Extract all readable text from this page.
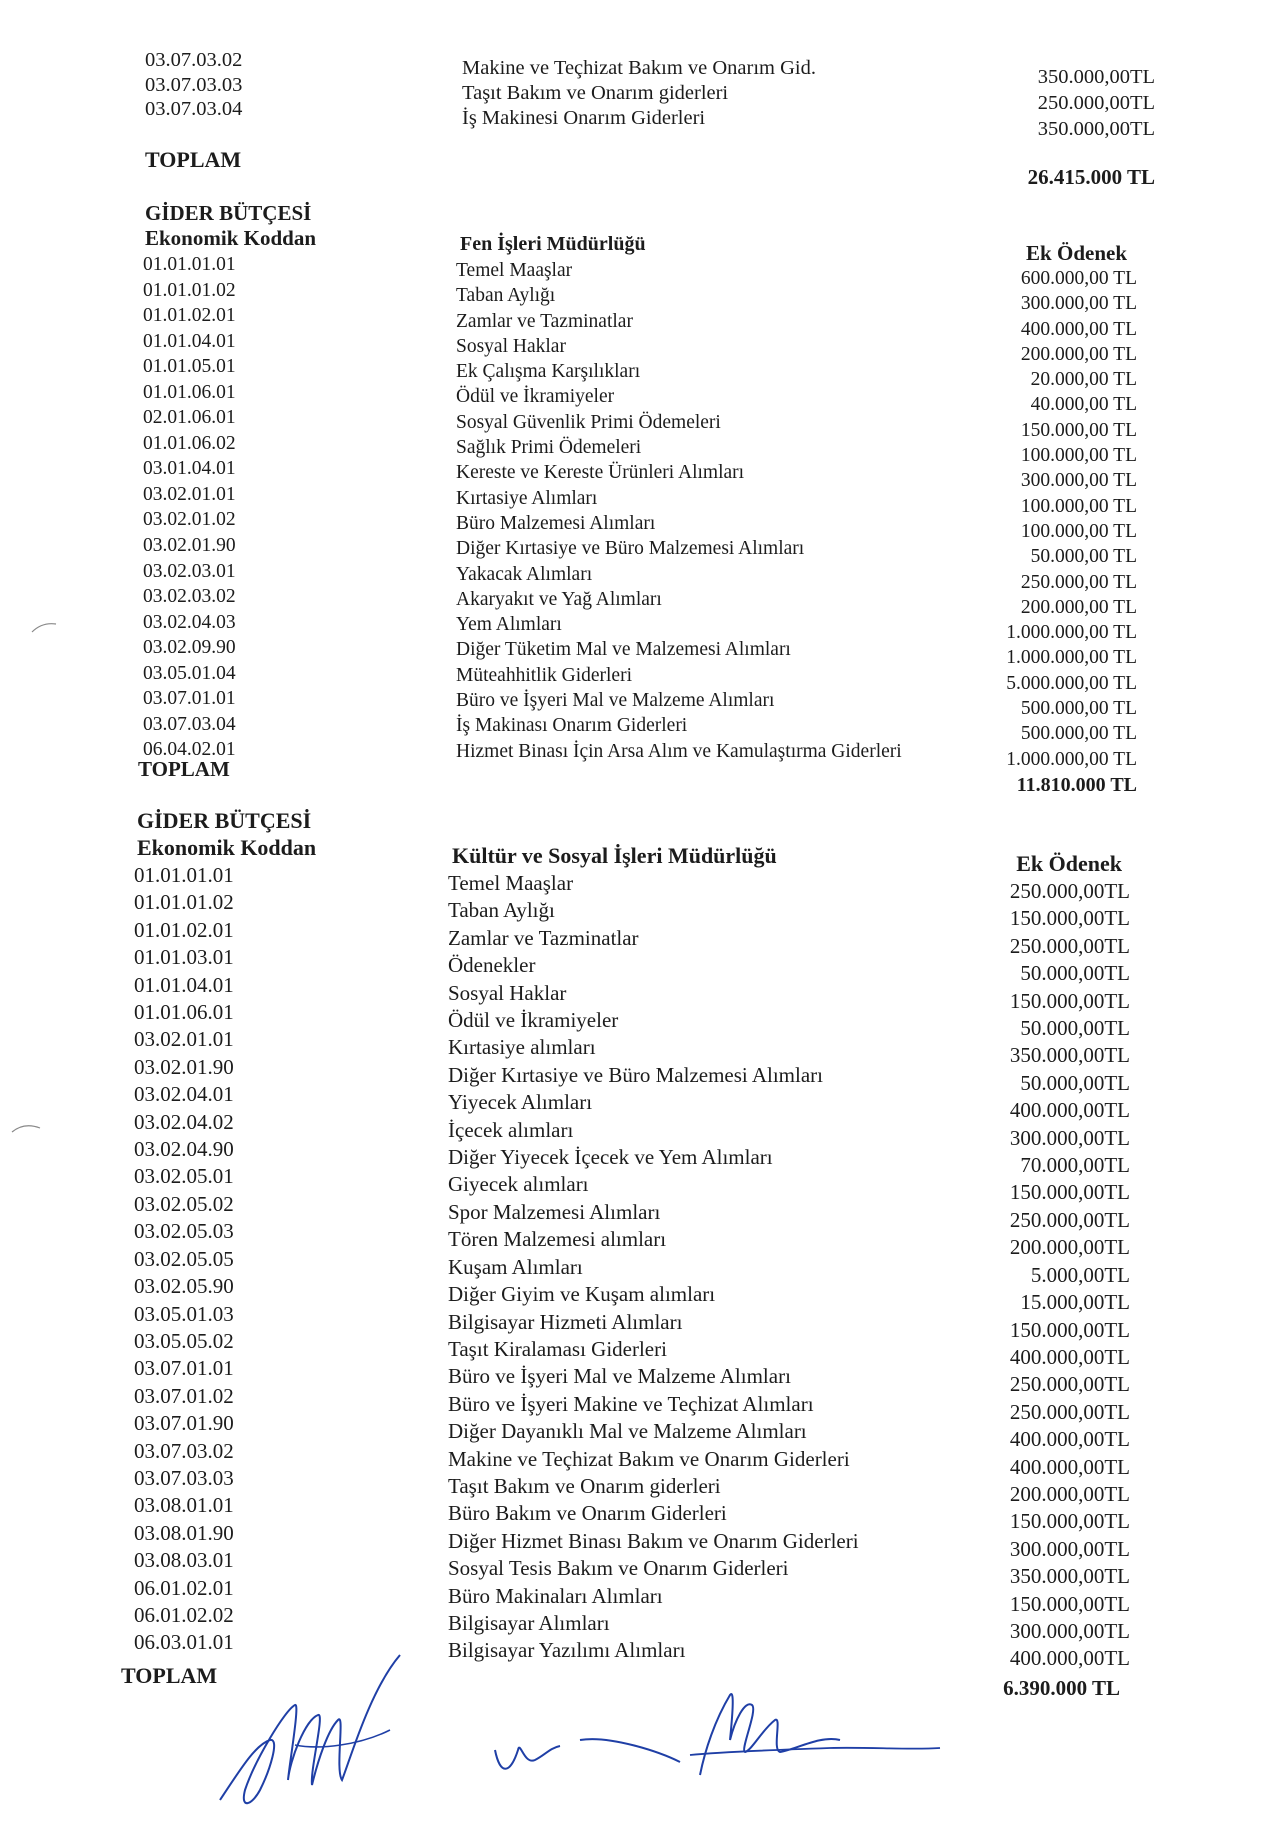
03.07.03.02
03.07.03.03
03.07.03.04
TOPLAM
Makine ve Teçhizat Bakım ve Onarım Gid.
Taşıt Bakım ve Onarım giderleri
İş Makinesi Onarım Giderleri
350.000,00TL
250.000,00TL
350.000,00TL
26.415.000 TL
GİDER BÜTÇESİ
Ekonomik Koddan
01.01.01.01
01.01.01.02
01.01.02.01
01.01.04.01
01.01.05.01
01.01.06.01
02.01.06.01
01.01.06.02
03.01.04.01
03.02.01.01
03.02.01.02
03.02.01.90
03.02.03.01
03.02.03.02
03.02.04.03
03.02.09.90
03.05.01.04
03.07.01.01
03.07.03.04
06.04.02.01
TOPLAM
Fen İşleri Müdürlüğü
Temel Maaşlar
Taban Aylığı
Zamlar ve Tazminatlar
Sosyal Haklar
Ek Çalışma Karşılıkları
Ödül ve İkramiyeler
Sosyal Güvenlik Primi Ödemeleri
Sağlık Primi Ödemeleri
Kereste ve Kereste Ürünleri Alımları
Kırtasiye Alımları
Büro Malzemesi Alımları
Diğer Kırtasiye ve Büro Malzemesi Alımları
Yakacak Alımları
Akaryakıt ve Yağ Alımları
Yem Alımları
Diğer Tüketim Mal ve Malzemesi Alımları
Müteahhitlik Giderleri
Büro ve İşyeri Mal ve Malzeme Alımları
İş Makinası Onarım Giderleri
Hizmet Binası İçin Arsa Alım ve Kamulaştırma Giderleri
Ek Ödenek
600.000,00 TL
300.000,00 TL
400.000,00 TL
200.000,00 TL
20.000,00 TL
40.000,00 TL
150.000,00 TL
100.000,00 TL
300.000,00 TL
100.000,00 TL
100.000,00 TL
50.000,00 TL
250.000,00 TL
200.000,00 TL
1.000.000,00 TL
1.000.000,00 TL
5.000.000,00 TL
500.000,00 TL
500.000,00 TL
1.000.000,00 TL
11.810.000 TL
GİDER BÜTÇESİ
Ekonomik Koddan
01.01.01.01
01.01.01.02
01.01.02.01
01.01.03.01
01.01.04.01
01.01.06.01
03.02.01.01
03.02.01.90
03.02.04.01
03.02.04.02
03.02.04.90
03.02.05.01
03.02.05.02
03.02.05.03
03.02.05.05
03.02.05.90
03.05.01.03
03.05.05.02
03.07.01.01
03.07.01.02
03.07.01.90
03.07.03.02
03.07.03.03
03.08.01.01
03.08.01.90
03.08.03.01
06.01.02.01
06.01.02.02
06.03.01.01
TOPLAM
Kültür ve Sosyal İşleri Müdürlüğü
Temel Maaşlar
Taban Aylığı
Zamlar ve Tazminatlar
Ödenekler
Sosyal Haklar
Ödül ve İkramiyeler
Kırtasiye alımları
Diğer Kırtasiye ve Büro Malzemesi Alımları
Yiyecek Alımları
İçecek alımları
Diğer Yiyecek İçecek ve Yem Alımları
Giyecek alımları
Spor Malzemesi Alımları
Tören Malzemesi alımları
Kuşam Alımları
Diğer Giyim ve Kuşam alımları
Bilgisayar Hizmeti Alımları
Taşıt Kiralaması Giderleri
Büro ve İşyeri Mal ve Malzeme Alımları
Büro ve İşyeri Makine ve Teçhizat Alımları
Diğer Dayanıklı Mal ve Malzeme Alımları
Makine ve Teçhizat Bakım ve Onarım Giderleri
Taşıt Bakım ve Onarım giderleri
Büro Bakım ve Onarım Giderleri
Diğer Hizmet Binası Bakım ve Onarım Giderleri
Sosyal Tesis Bakım ve Onarım Giderleri
Büro Makinaları Alımları
Bilgisayar Alımları
Bilgisayar Yazılımı Alımları
Ek Ödenek
250.000,00TL
150.000,00TL
250.000,00TL
50.000,00TL
150.000,00TL
50.000,00TL
350.000,00TL
50.000,00TL
400.000,00TL
300.000,00TL
70.000,00TL
150.000,00TL
250.000,00TL
200.000,00TL
5.000,00TL
15.000,00TL
150.000,00TL
400.000,00TL
250.000,00TL
250.000,00TL
400.000,00TL
400.000,00TL
200.000,00TL
150.000,00TL
300.000,00TL
350.000,00TL
150.000,00TL
300.000,00TL
400.000,00TL
6.390.000 TL
